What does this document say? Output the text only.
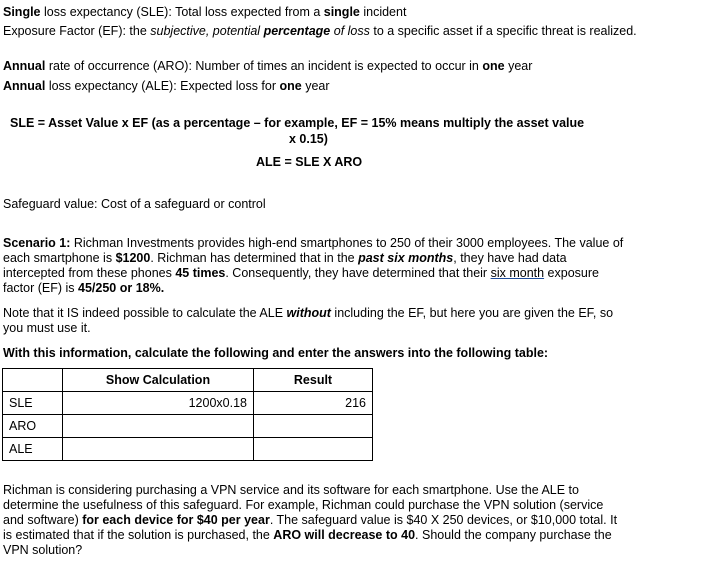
Single loss expectancy (SLE): Total loss expected from a single incident
Exposure Factor (EF): the subjective, potential percentage of loss to a specific asset if a specific threat is realized.
Annual rate of occurrence (ARO): Number of times an incident is expected to occur in one year
Annual loss expectancy (ALE): Expected loss for one year
SLE = Asset Value x EF (as a percentage – for example, EF = 15% means multiply the asset value
x 0.15)
ALE = SLE X ARO
Safeguard value: Cost of a safeguard or control
Scenario 1: Richman Investments provides high-end smartphones to 250 of their 3000 employees. The value of each smartphone is $1200. Richman has determined that in the past six months, they have had data intercepted from these phones 45 times. Consequently, they have determined that their six month exposure factor (EF) is 45/250 or 18%.
Note that it IS indeed possible to calculate the ALE without including the EF, but here you are given the EF, so you must use it.
With this information, calculate the following and enter the answers into the following table:
	Show Calculation	Result
SLE	1200x0.18	216
ARO		
ALE		
Richman is considering purchasing a VPN service and its software for each smartphone. Use the ALE to determine the usefulness of this safeguard. For example, Richman could purchase the VPN solution (service and software) for each device for $40 per year. The safeguard value is $40 X 250 devices, or $10,000 total. It is estimated that if the solution is purchased, the ARO will decrease to 40. Should the company purchase the VPN solution?
